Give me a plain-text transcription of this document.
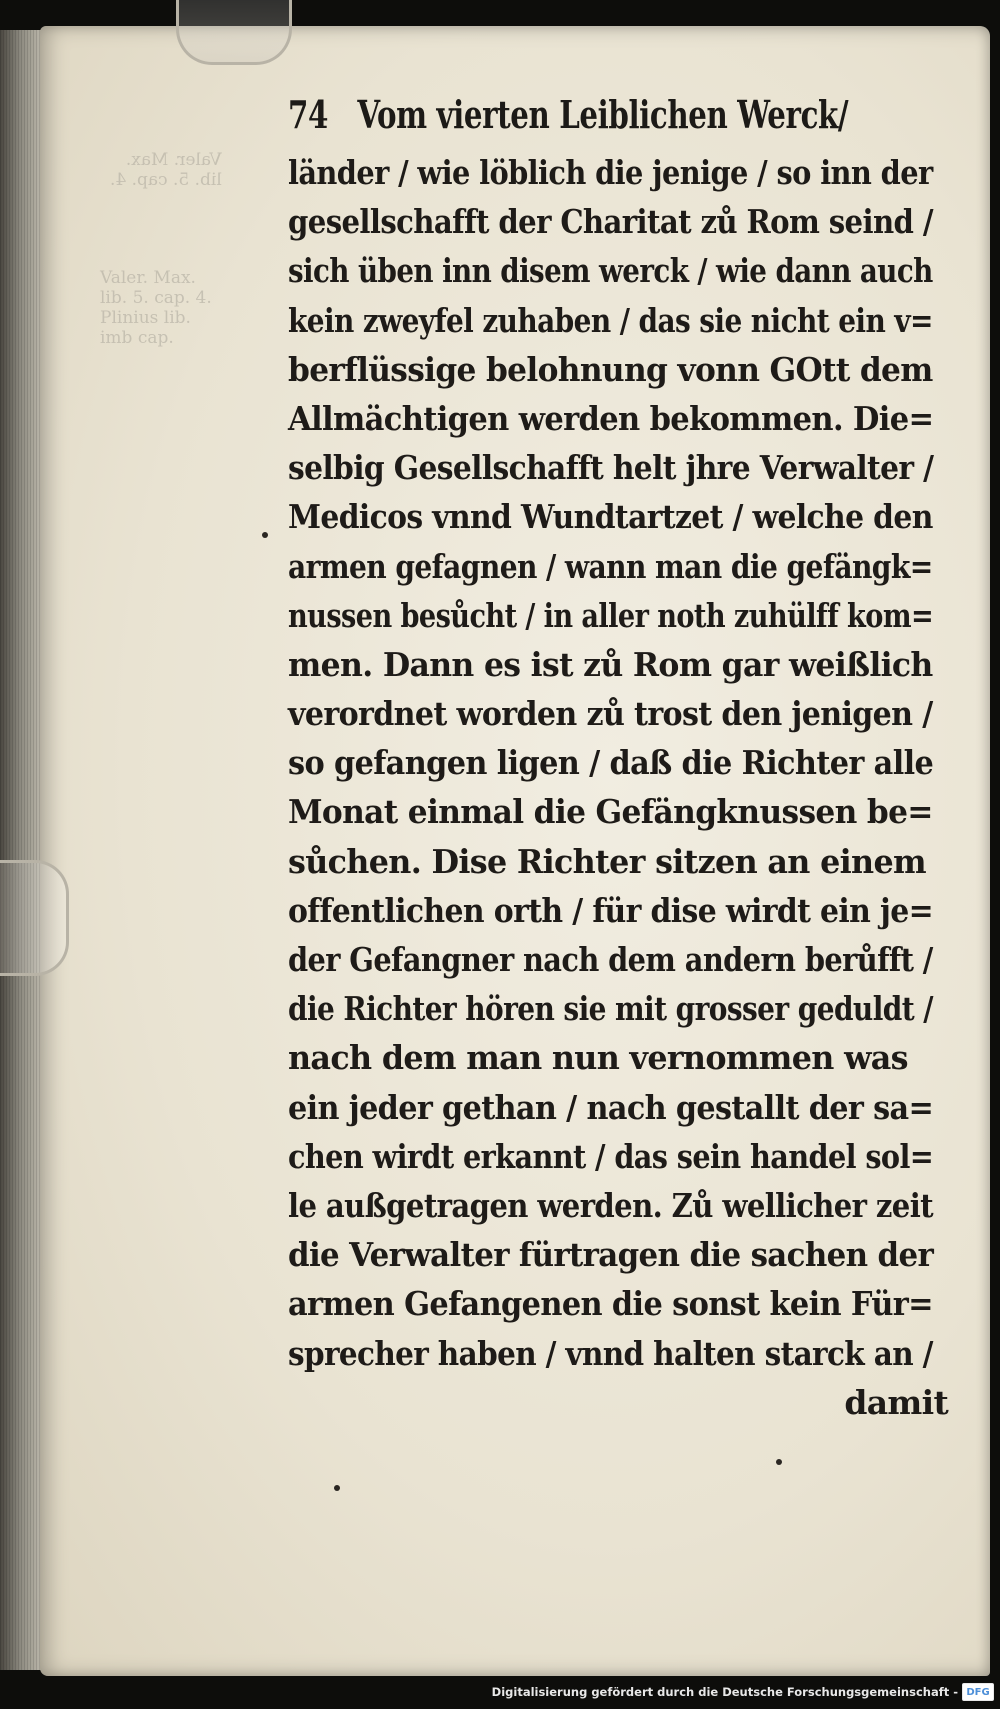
Valer. Max.
lib. 5. cap. 4.
Valer. Max.
lib. 5. cap. 4.
Plinius lib.
imb cap.
74 Vom vierten Leiblichen Werck/
länder / wie löblich die jenige / so inn der
gesellschafft der Charitat zů Rom seind /
sich üben inn disem werck / wie dann auch
kein zweyfel zuhaben / das sie nicht ein v=
berflüssige belohnung vonn GOtt dem
Allmächtigen werden bekommen. Die=
selbig Gesellschafft helt jhre Verwalter /
Medicos vnnd Wundtartzet / welche den
armen gefagnen / wann man die gefängk=
nussen besůcht / in aller noth zuhülff kom=
men. Dann es ist zů Rom gar weißlich
verordnet worden zů trost den jenigen /
so gefangen ligen / daß die Richter alle
Monat einmal die Gefängknussen be=
sůchen. Dise Richter sitzen an einem
offentlichen orth / für dise wirdt ein je=
der Gefangner nach dem andern berůfft /
die Richter hören sie mit grosser geduldt /
nach dem man nun vernommen was
ein jeder gethan / nach gestallt der sa=
chen wirdt erkannt / das sein handel sol=
le außgetragen werden. Zů wellicher zeit
die Verwalter fürtragen die sachen der
armen Gefangenen die sonst kein Für=
sprecher haben / vnnd halten starck an /
damit
Digitalisierung gefördert durch die Deutsche Forschungsgemeinschaft - DFG
